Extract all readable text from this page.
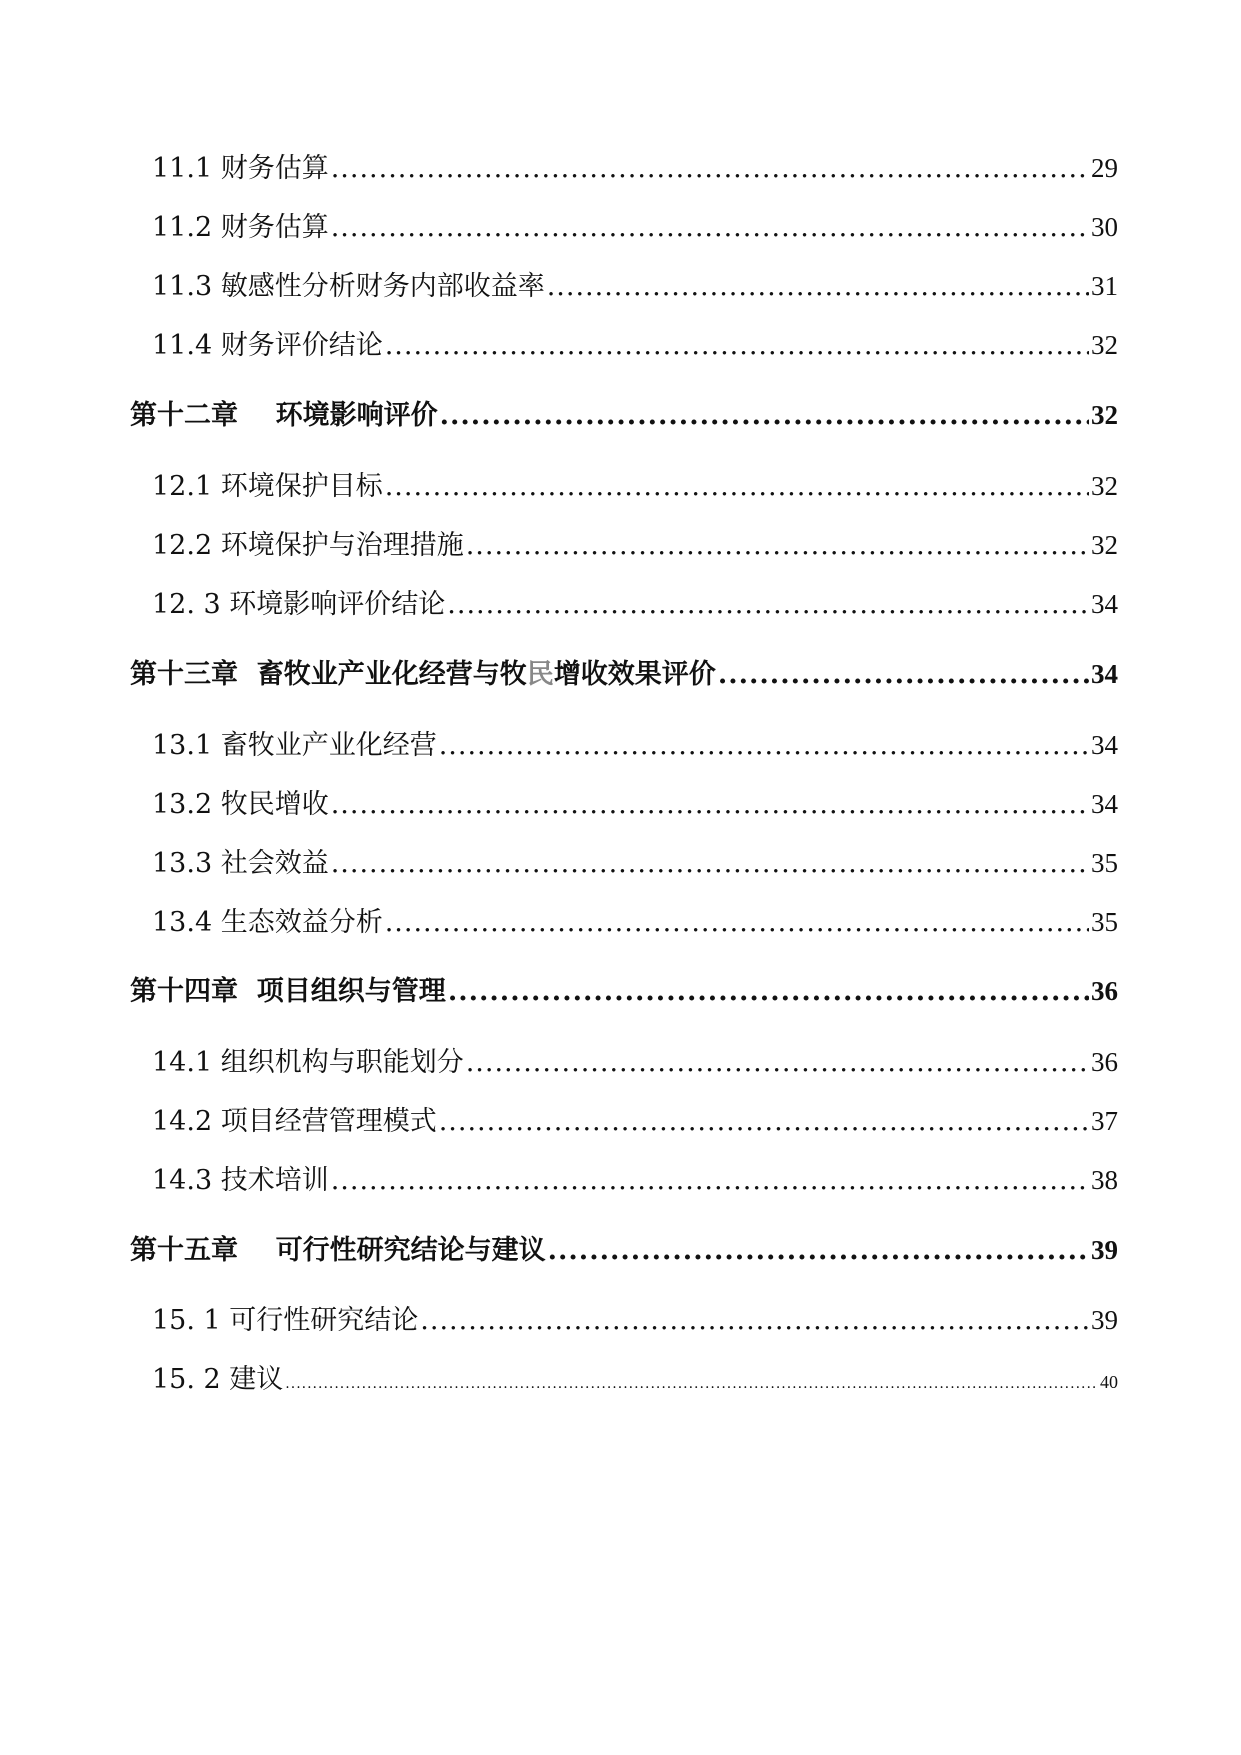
11.1 财务估算 .....	29
11.2 财务估算 .....	30
11.3 敏感性分析财务内部收益率 .....	31
11.4 财务评价结论 .....	32
第十二章    环境影响评价 .....	32
12.1 环境保护目标 .....	32
12.2 环境保护与治理措施 .....	32
12. 3 环境影响评价结论 .....	34
第十三章  畜牧业产业化经营与牧民增收效果评价 .....	34
13.1 畜牧业产业化经营 .....	34
13.2 牧民增收 .....	34
13.3 社会效益 .....	35
13.4 生态效益分析 .....	35
第十四章  项目组织与管理 .....	36
14.1 组织机构与职能划分 .....	36
14.2 项目经营管理模式 .....	37
14.3 技术培训 .....	38
第十五章    可行性研究结论与建议 .....	39
15. 1 可行性研究结论 .....	39
15. 2 建议 .....	40
